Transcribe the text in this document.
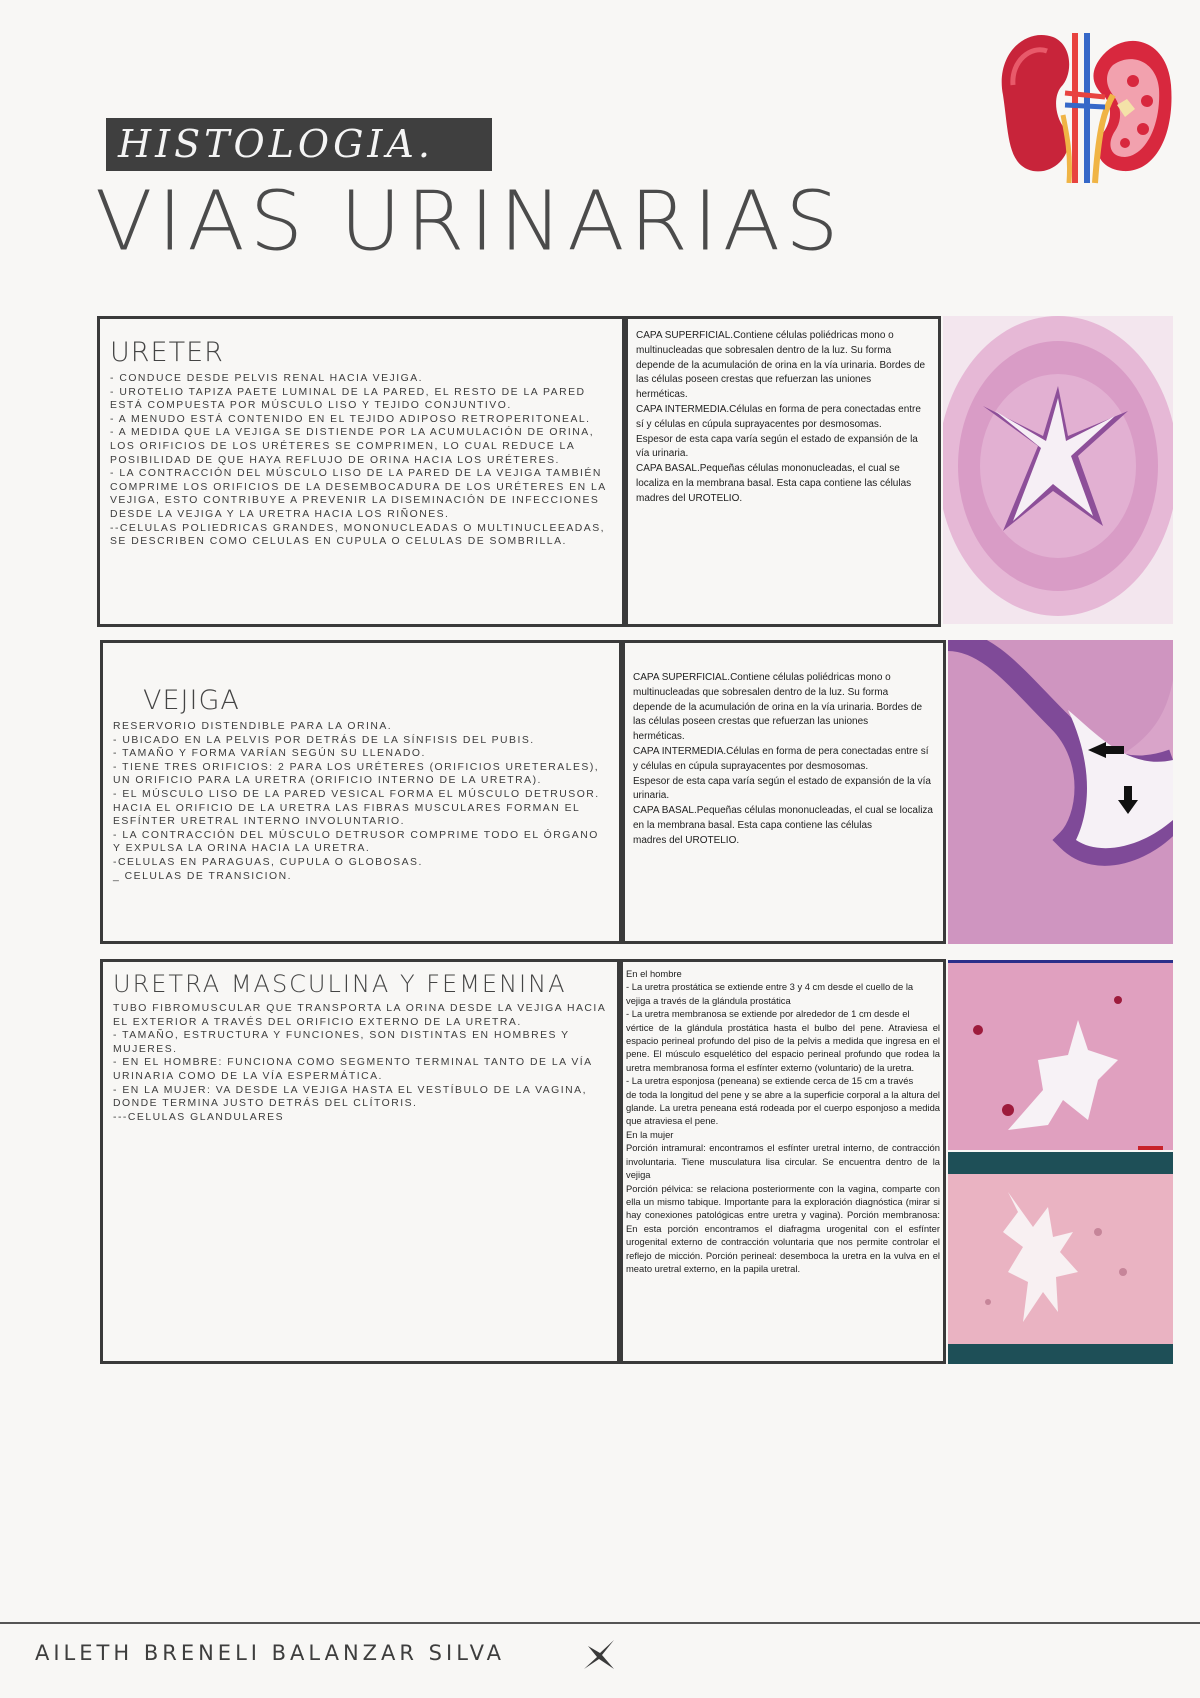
HISTOLOGIA.
VIAS URINARIAS
URETER
- CONDUCE DESDE PELVIS RENAL HACIA VEJIGA.
- UROTELIO TAPIZA PAETE LUMINAL DE LA PARED, EL RESTO DE LA PARED ESTÁ COMPUESTA POR MÚSCULO LISO Y TEJIDO CONJUNTIVO.
- A MENUDO ESTÁ CONTENIDO EN EL TEJIDO ADIPOSO RETROPERITONEAL.
- A MEDIDA QUE LA VEJIGA SE DISTIENDE POR LA ACUMULACIÓN DE ORINA, LOS ORIFICIOS DE LOS URÉTERES SE COMPRIMEN, LO CUAL REDUCE LA
POSIBILIDAD DE QUE HAYA REFLUJO DE ORINA HACIA LOS URÉTERES.
- LA CONTRACCIÓN DEL MÚSCULO LISO DE LA PARED DE LA VEJIGA TAMBIÉN COMPRIME LOS ORIFICIOS DE LA DESEMBOCADURA DE LOS URÉTERES EN LA
VEJIGA, ESTO CONTRIBUYE A PREVENIR LA DISEMINACIÓN DE INFECCIONES DESDE LA VEJIGA Y LA URETRA HACIA LOS RIÑONES.
--CELULAS POLIEDRICAS GRANDES, MONONUCLEADAS O MULTINUCLEEADAS, SE DESCRIBEN COMO CELULAS EN CUPULA O CELULAS DE SOMBRILLA.
CAPA SUPERFICIAL.Contiene células poliédricas mono o multinucleadas que sobresalen dentro de la luz. Su forma
depende de la acumulación de orina en la vía urinaria. Bordes de las células poseen crestas que refuerzan las uniones
herméticas.
CAPA INTERMEDIA.Células en forma de pera conectadas entre sí y células en cúpula suprayacentes por desmosomas.
Espesor de esta capa varía según el estado de expansión de la vía urinaria.
CAPA BASAL.Pequeñas células mononucleadas, el cual se localiza en la membrana basal. Esta capa contiene las células
madres del UROTELIO.
VEJIGA
RESERVORIO DISTENDIBLE PARA LA ORINA.
- UBICADO EN LA PELVIS POR DETRÁS DE LA SÍNFISIS DEL PUBIS.
- TAMAÑO Y FORMA VARÍAN SEGÚN SU LLENADO.
- TIENE TRES ORIFICIOS: 2 PARA LOS URÉTERES (ORIFICIOS URETERALES), UN ORIFICIO PARA LA URETRA (ORIFICIO INTERNO DE LA URETRA).
- EL MÚSCULO LISO DE LA PARED VESICAL FORMA EL MÚSCULO DETRUSOR. HACIA EL ORIFICIO DE LA URETRA LAS FIBRAS MUSCULARES FORMAN EL
ESFÍNTER URETRAL INTERNO INVOLUNTARIO.
- LA CONTRACCIÓN DEL MÚSCULO DETRUSOR COMPRIME TODO EL ÓRGANO Y EXPULSA LA ORINA HACIA LA URETRA.
-CELULAS EN PARAGUAS, CUPULA O GLOBOSAS.
_ CELULAS DE TRANSICION.
CAPA SUPERFICIAL.Contiene células poliédricas mono o multinucleadas que sobresalen dentro de la luz. Su forma
depende de la acumulación de orina en la vía urinaria. Bordes de las células poseen crestas que refuerzan las uniones
herméticas.
CAPA INTERMEDIA.Células en forma de pera conectadas entre sí y células en cúpula suprayacentes por desmosomas.
Espesor de esta capa varía según el estado de expansión de la vía urinaria.
CAPA BASAL.Pequeñas células mononucleadas, el cual se localiza en la membrana basal. Esta capa contiene las células
madres del UROTELIO.
URETRA MASCULINA Y FEMENINA
TUBO FIBROMUSCULAR QUE TRANSPORTA LA ORINA DESDE LA VEJIGA HACIA EL EXTERIOR A TRAVÉS DEL ORIFICIO EXTERNO DE LA URETRA.
- TAMAÑO, ESTRUCTURA Y FUNCIONES, SON DISTINTAS EN HOMBRES Y MUJERES.
- EN EL HOMBRE: FUNCIONA COMO SEGMENTO TERMINAL TANTO DE LA VÍA URINARIA COMO DE LA VÍA ESPERMÁTICA.
- EN LA MUJER: VA DESDE LA VEJIGA HASTA EL VESTÍBULO DE LA VAGINA, DONDE TERMINA JUSTO DETRÁS DEL CLÍTORIS.
---CELULAS GLANDULARES
En el hombre
- La uretra prostática se extiende entre 3 y 4 cm desde el cuello de la
vejiga a través de la glándula prostática
- La uretra membranosa se extiende por alrededor de 1 cm desde el
vértice de la glándula prostática hasta el bulbo del pene. Atraviesa el espacio perineal profundo del piso de la pelvis a medida que ingresa en el pene. El músculo esquelético del espacio perineal profundo que rodea la uretra membranosa forma el esfínter externo (voluntario) de la uretra.
- La uretra esponjosa (peneana) se extiende cerca de 15 cm a través
de toda la longitud del pene y se abre a la superficie corporal a la altura del glande. La uretra peneana está rodeada por el cuerpo esponjoso a medida que atraviesa el pene.
En la mujer
Porción intramural: encontramos el esfínter uretral interno, de contracción involuntaria. Tiene musculatura lisa circular. Se encuentra dentro de la vejiga
Porción pélvica: se relaciona posteriormente con la vagina, comparte con ella un mismo tabique. Importante para la exploración diagnóstica (mirar si hay conexiones patológicas entre uretra y vagina). Porción membranosa: En esta porción encontramos el diafragma urogenital con el esfínter urogenital externo de contracción voluntaria que nos permite controlar el reflejo de micción. Porción perineal: desemboca la uretra en la vulva en el meato uretral externo, en la papila uretral.
AILETH BRENELI BALANZAR SILVA
